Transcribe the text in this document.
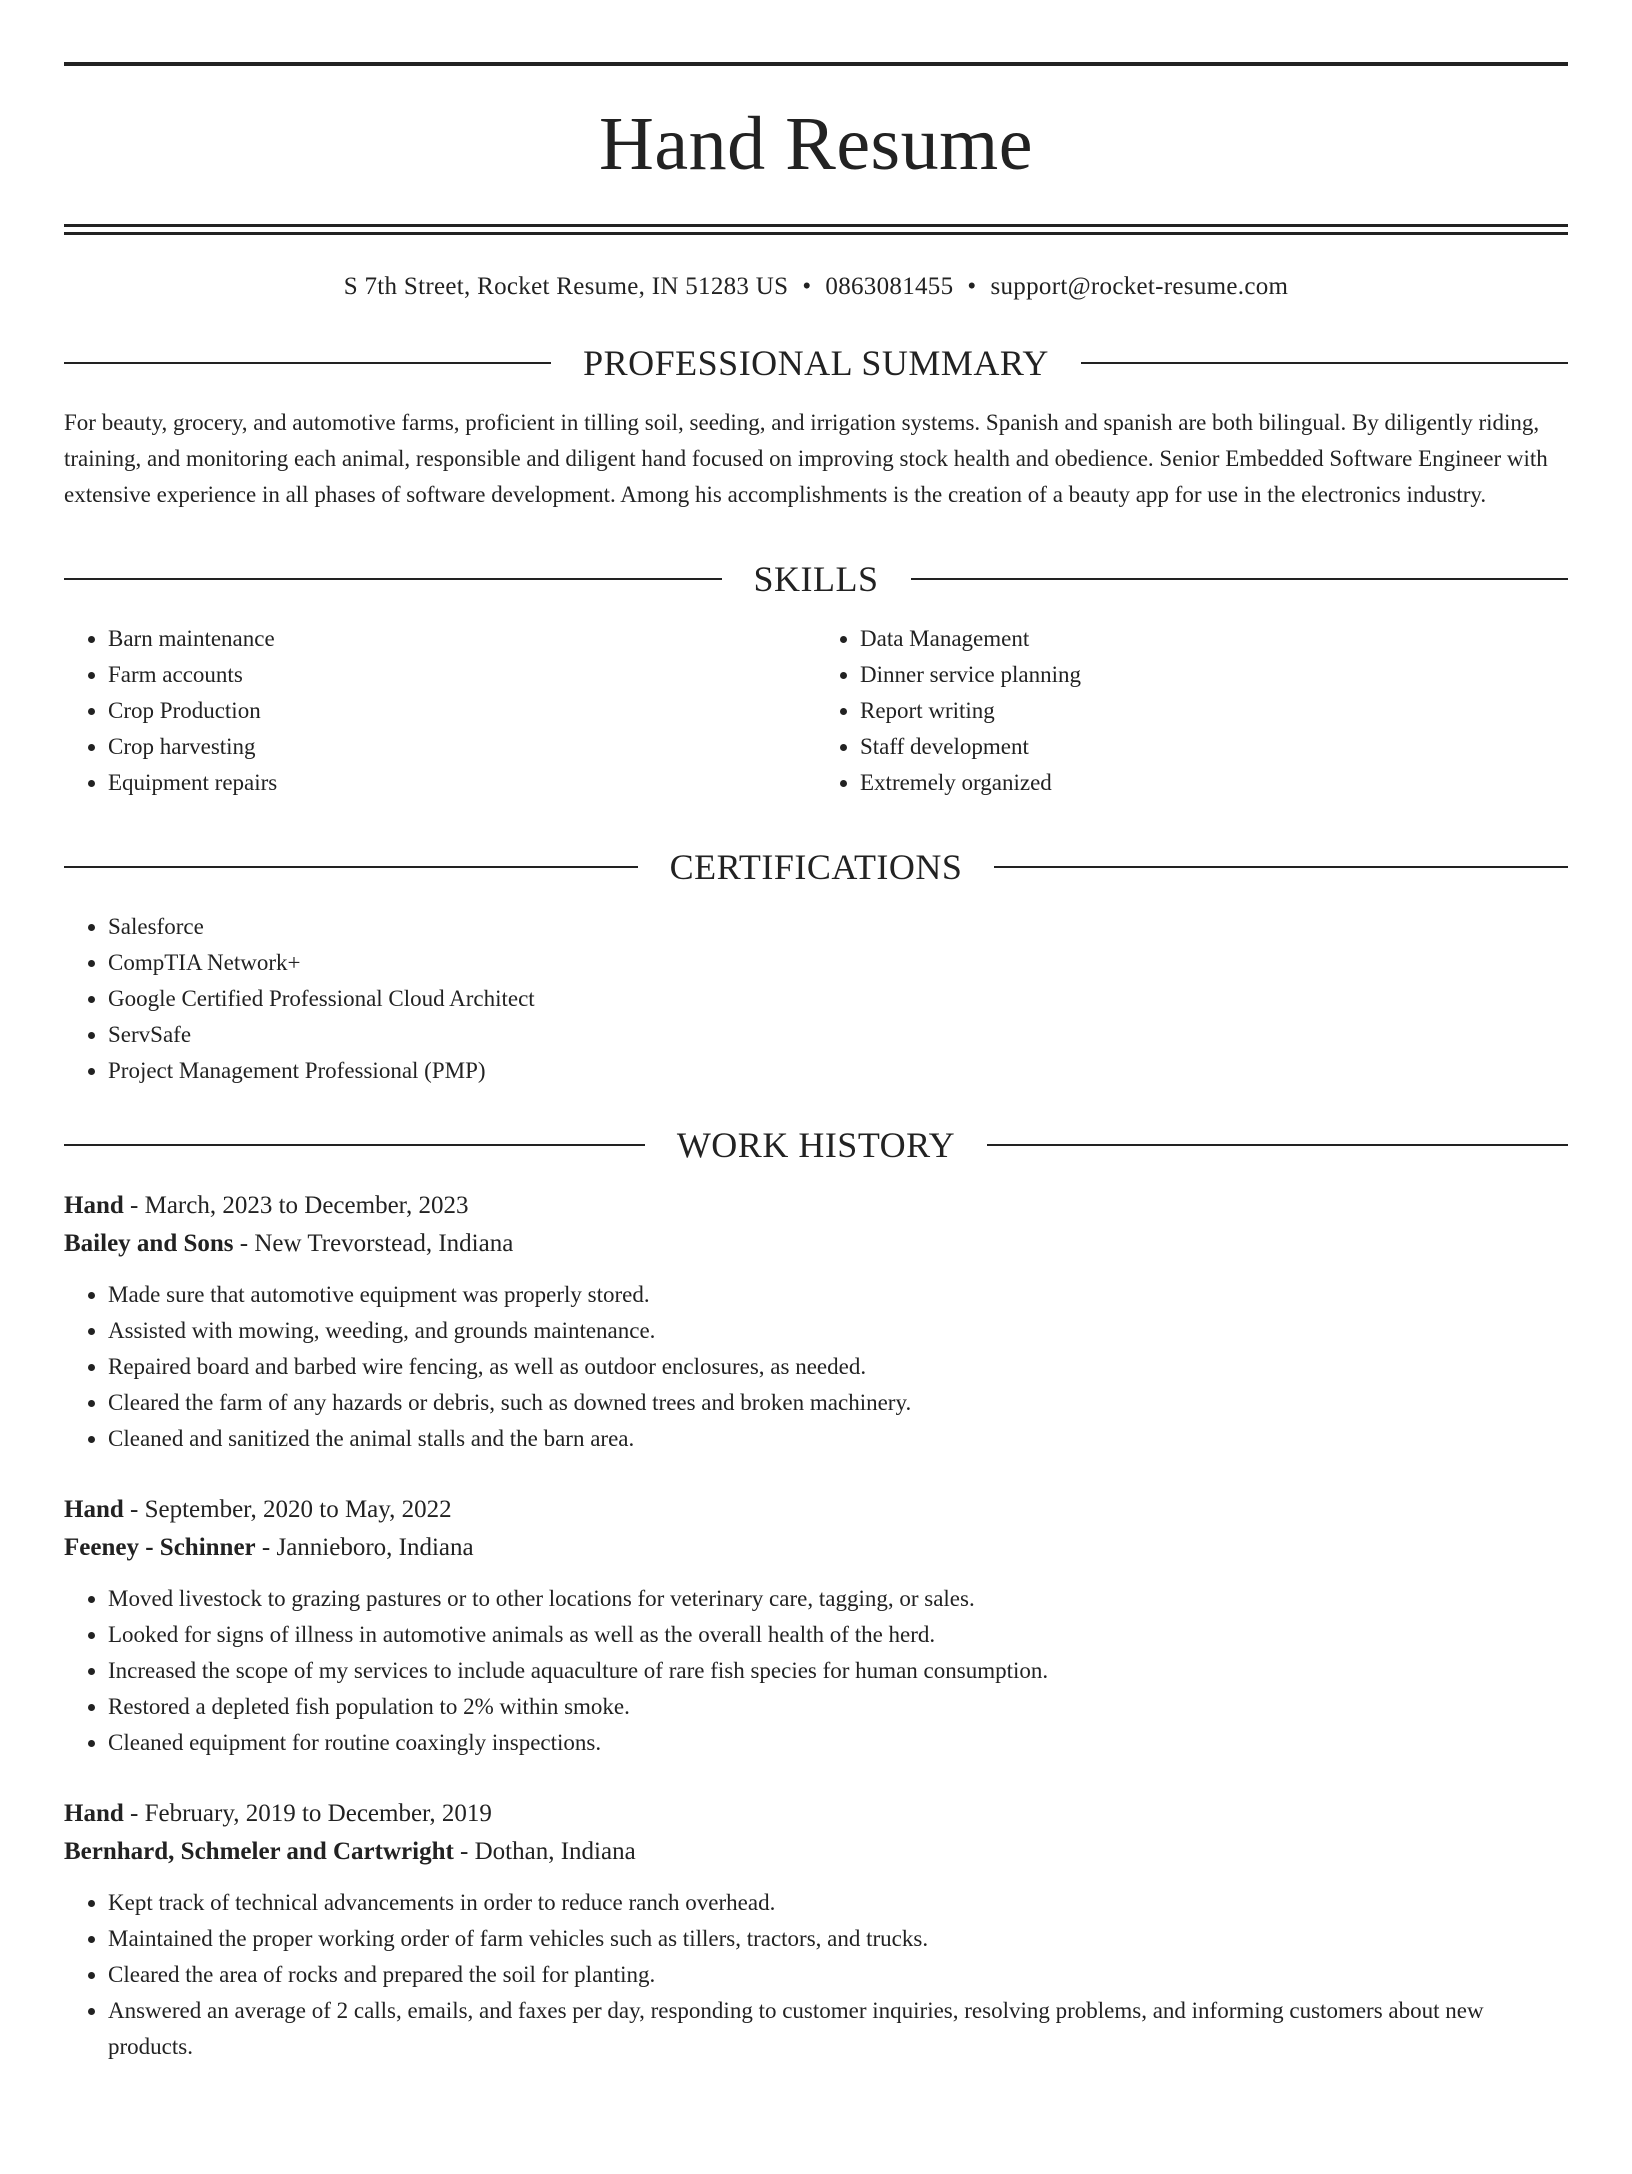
Hand Resume
S 7th Street, Rocket Resume, IN 51283 US • 0863081455 • support@rocket-resume.com
PROFESSIONAL SUMMARY

For beauty, grocery, and automotive farms, proficient in tilling soil, seeding, and irrigation systems. Spanish and spanish are both bilingual. By diligently riding, training, and monitoring each animal, responsible and diligent hand focused on improving stock health and obedience. Senior Embedded Software Engineer with extensive experience in all phases of software development. Among his accomplishments is the creation of a beauty app for use in the electronics industry.

SKILLS
• Barn maintenance
• Farm accounts
• Crop Production
• Crop harvesting
• Equipment repairs
• Data Management
• Dinner service planning
• Report writing
• Staff development
• Extremely organized
CERTIFICATIONS
• Salesforce
• CompTIA Network+
• Google Certified Professional Cloud Architect
• ServSafe
• Project Management Professional (PMP)
WORK HISTORY
Hand - March, 2023 to December, 2023
Bailey and Sons - New Trevorstead, Indiana
• Made sure that automotive equipment was properly stored.
• Assisted with mowing, weeding, and grounds maintenance.
• Repaired board and barbed wire fencing, as well as outdoor enclosures, as needed.
• Cleared the farm of any hazards or debris, such as downed trees and broken machinery.
• Cleaned and sanitized the animal stalls and the barn area.
Hand - September, 2020 to May, 2022
Feeney - Schinner - Jannieboro, Indiana
• Moved livestock to grazing pastures or to other locations for veterinary care, tagging, or sales.
• Looked for signs of illness in automotive animals as well as the overall health of the herd.
• Increased the scope of my services to include aquaculture of rare fish species for human consumption.
• Restored a depleted fish population to 2% within smoke.
• Cleaned equipment for routine coaxingly inspections.
Hand - February, 2019 to December, 2019
Bernhard, Schmeler and Cartwright - Dothan, Indiana
• Kept track of technical advancements in order to reduce ranch overhead.
• Maintained the proper working order of farm vehicles such as tillers, tractors, and trucks.
• Cleared the area of rocks and prepared the soil for planting.
• Answered an average of 2 calls, emails, and faxes per day, responding to customer inquiries, resolving problems, and informing customers about new products.
